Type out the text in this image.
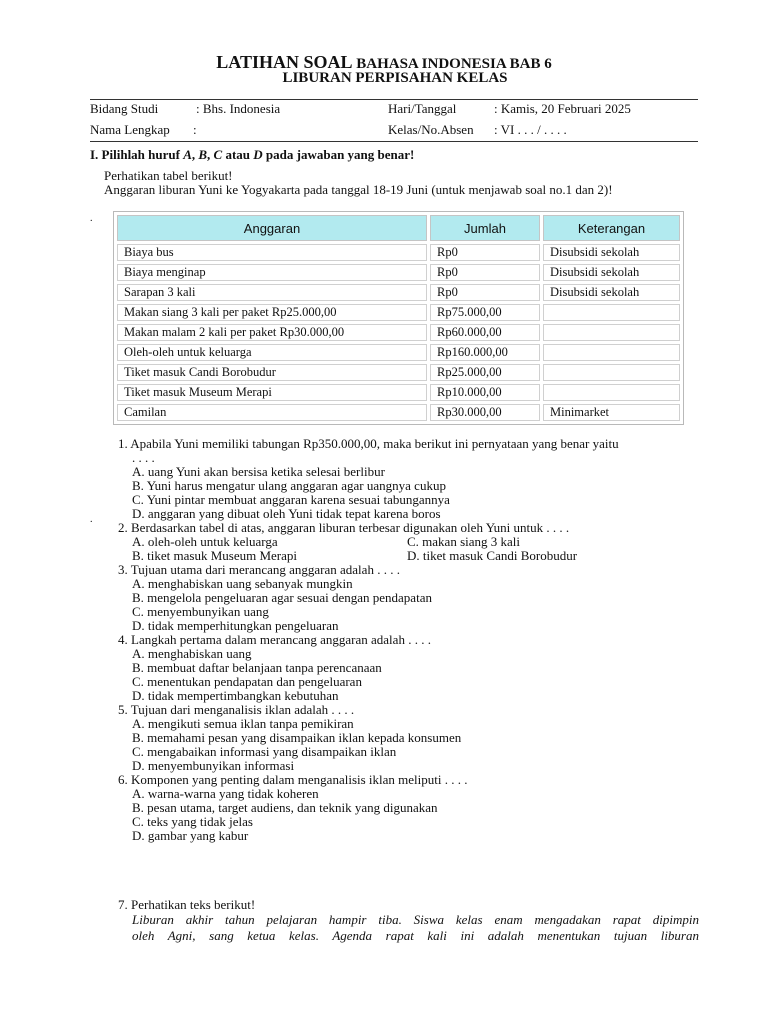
LATIHAN SOAL BAHASA INDONESIA BAB 6
LIBURAN PERPISAHAN KELAS
Bidang Studi	: Bhs. Indonesia	Hari/Tanggal	: Kamis, 20 Februari 2025
Nama Lengkap :	Kelas/No.Absen : VI . . . / . . . .
I. Pilihlah huruf A, B, C atau D pada jawaban yang benar!
Perhatikan tabel berikut!
Anggaran liburan Yuni ke Yogyakarta pada tanggal 18-19 Juni (untuk menjawab soal no.1 dan 2)!
.
Anggaran	Jumlah	Keterangan
Biaya bus	Rp0	Disubsidi sekolah
Biaya menginap	Rp0	Disubsidi sekolah
Sarapan 3 kali	Rp0	Disubsidi sekolah
Makan siang 3 kali per paket Rp25.000,00	Rp75.000,00	
Makan malam 2 kali per paket Rp30.000,00	Rp60.000,00	
Oleh-oleh untuk keluarga	Rp160.000,00	
Tiket masuk Candi Borobudur	Rp25.000,00	
Tiket masuk Museum Merapi	Rp10.000,00	
Camilan	Rp30.000,00	Minimarket
1. Apabila Yuni memiliki tabungan Rp350.000,00, maka berikut ini pernyataan yang benar yaitu
. . . .
A. uang Yuni akan bersisa ketika selesai berlibur
B. Yuni harus mengatur ulang anggaran agar uangnya cukup
C. Yuni pintar membuat anggaran karena sesuai tabungannya
D. anggaran yang dibuat oleh Yuni tidak tepat karena boros
.
2. Berdasarkan tabel di atas, anggaran liburan terbesar digunakan oleh Yuni untuk . . . .
A. oleh-oleh untuk keluarga	C. makan siang 3 kali
B. tiket masuk Museum Merapi	D. tiket masuk Candi Borobudur
3. Tujuan utama dari merancang anggaran adalah . . . .
A. menghabiskan uang sebanyak mungkin
B. mengelola pengeluaran agar sesuai dengan pendapatan
C. menyembunyikan uang
D. tidak memperhitungkan pengeluaran
4. Langkah pertama dalam merancang anggaran adalah . . . .
A. menghabiskan uang
B. membuat daftar belanjaan tanpa perencanaan
C. menentukan pendapatan dan pengeluaran
D. tidak mempertimbangkan kebutuhan
5. Tujuan dari menganalisis iklan adalah . . . .
A. mengikuti semua iklan tanpa pemikiran
B. memahami pesan yang disampaikan iklan kepada konsumen
C. mengabaikan informasi yang disampaikan iklan
D. menyembunyikan informasi
6. Komponen yang penting dalam menganalisis iklan meliputi . . . .
A. warna-warna yang tidak koheren
B. pesan utama, target audiens, dan teknik yang digunakan
C. teks yang tidak jelas
D. gambar yang kabur
7. Perhatikan teks berikut!
Liburan akhir tahun pelajaran hampir tiba. Siswa kelas enam mengadakan rapat dipimpin
oleh Agni, sang ketua kelas. Agenda rapat kali ini adalah menentukan tujuan liburan
